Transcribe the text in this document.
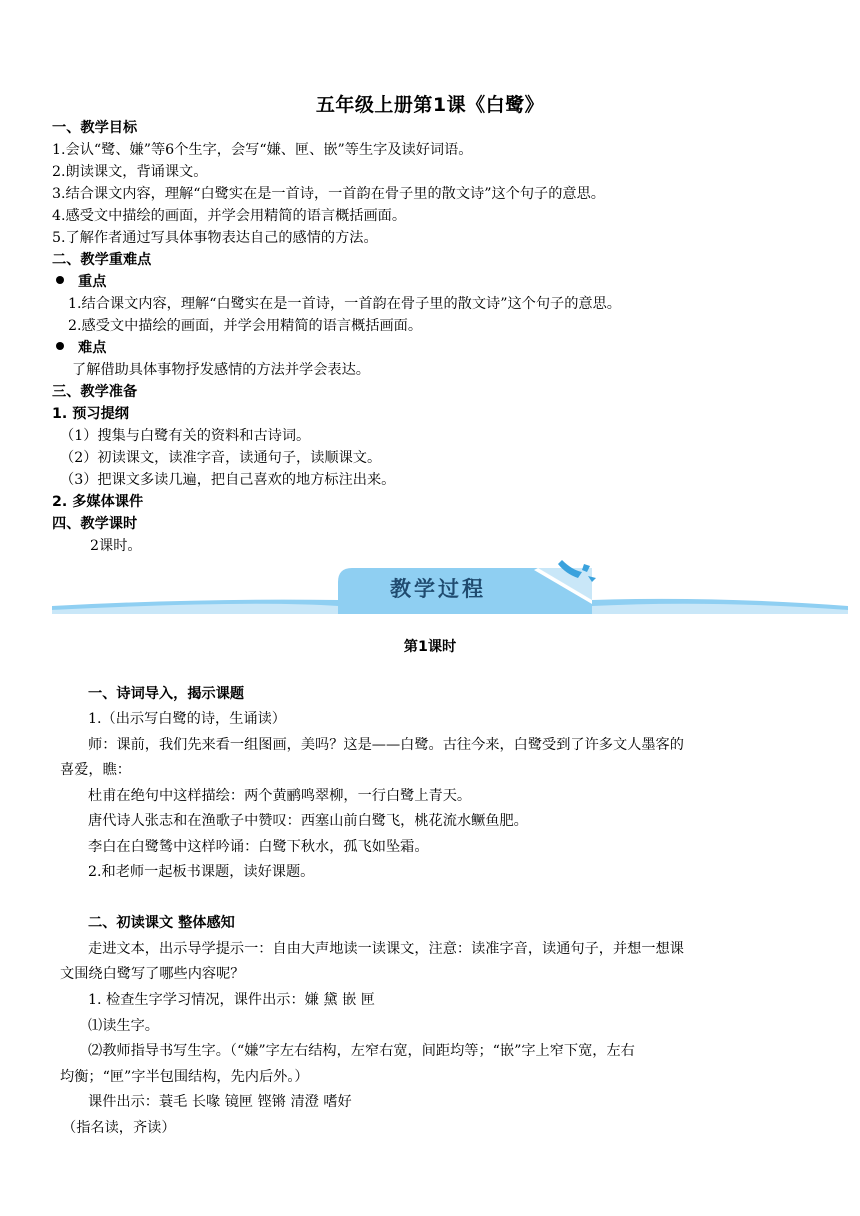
五年级上册第1课《白鹭》
一、教学目标
1.会认“鹭、嫌”等6个生字，会写“嫌、匣、嵌”等生字及读好词语。
2.朗读课文，背诵课文。
3.结合课文内容，理解“白鹭实在是一首诗，一首韵在骨子里的散文诗”这个句子的意思。
4.感受文中描绘的画面，并学会用精简的语言概括画面。
5.了解作者通过写具体事物表达自己的感情的方法。
二、教学重难点
重点
1.结合课文内容，理解“白鹭实在是一首诗，一首韵在骨子里的散文诗”这个句子的意思。
2.感受文中描绘的画面，并学会用精简的语言概括画面。
难点
了解借助具体事物抒发感情的方法并学会表达。
三、教学准备
1. 预习提纲
（1）搜集与白鹭有关的资料和古诗词。
（2）初读课文，读准字音，读通句子，读顺课文。
（3）把课文多读几遍，把自己喜欢的地方标注出来。
2. 多媒体课件
四、教学课时
2课时。
教学过程
第1课时
一、诗词导入，揭示课题
1.（出示写白鹭的诗，生诵读）
师：课前，我们先来看一组图画，美吗？这是——白鹭。古往今来，白鹭受到了许多文人墨客的
喜爱，瞧：
杜甫在绝句中这样描绘：两个黄鹂鸣翠柳，一行白鹭上青天。
唐代诗人张志和在渔歌子中赞叹：西塞山前白鹭飞，桃花流水鳜鱼肥。
李白在白鹭鸶中这样吟诵：白鹭下秋水，孤飞如坠霜。
2.和老师一起板书课题，读好课题。
二、初读课文 整体感知
走进文本，出示导学提示一：自由大声地读一读课文，注意：读准字音，读通句子，并想一想课
文围绕白鹭写了哪些内容呢？
1. 检查生字学习情况，课件出示：嫌 黛 嵌 匣
⑴读生字。
⑵教师指导书写生字。（“嫌”字左右结构，左窄右宽，间距均等；“嵌”字上窄下宽，左右
均衡；“匣”字半包围结构，先内后外。）
课件出示：蓑毛 长喙 镜匣 铿锵 清澄 嗜好
（指名读，齐读）
